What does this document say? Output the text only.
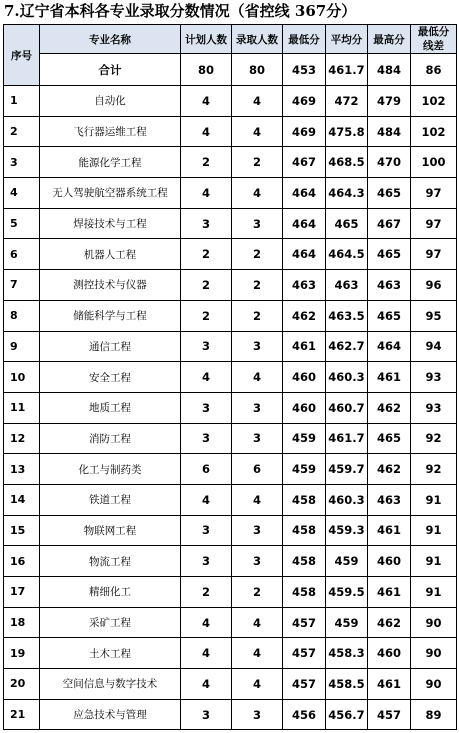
7.辽宁省本科各专业录取分数情况（省控线 367分）
序号	专业名称	计划人数	录取人数	最低分	平均分	最高分	最低分
线差

	合计	80	80	453	461.7	484	86
1	自动化	4	4	469	472	479	102
2	飞行器运维工程	4	4	469	475.8	484	102
3	能源化学工程	2	2	467	468.5	470	100
4	无人驾驶航空器系统工程	4	4	464	464.3	465	97
5	焊接技术与工程	3	3	464	465	467	97
6	机器人工程	2	2	464	464.5	465	97
7	测控技术与仪器	2	2	463	463	463	96
8	储能科学与工程	2	2	462	463.5	465	95
9	通信工程	3	3	461	462.7	464	94
10	安全工程	4	4	460	460.3	461	93
11	地质工程	3	3	460	460.7	462	93
12	消防工程	3	3	459	461.7	465	92
13	化工与制药类	6	6	459	459.7	462	92
14	铁道工程	4	4	458	460.3	463	91
15	物联网工程	3	3	458	459.3	461	91
16	物流工程	3	3	458	459	460	91
17	精细化工	2	2	458	459.5	461	91
18	采矿工程	4	4	457	459	462	90
19	土木工程	4	4	457	458.3	460	90
20	空间信息与数字技术	4	4	457	458.5	461	90
21	应急技术与管理	3	3	456	456.7	457	89
